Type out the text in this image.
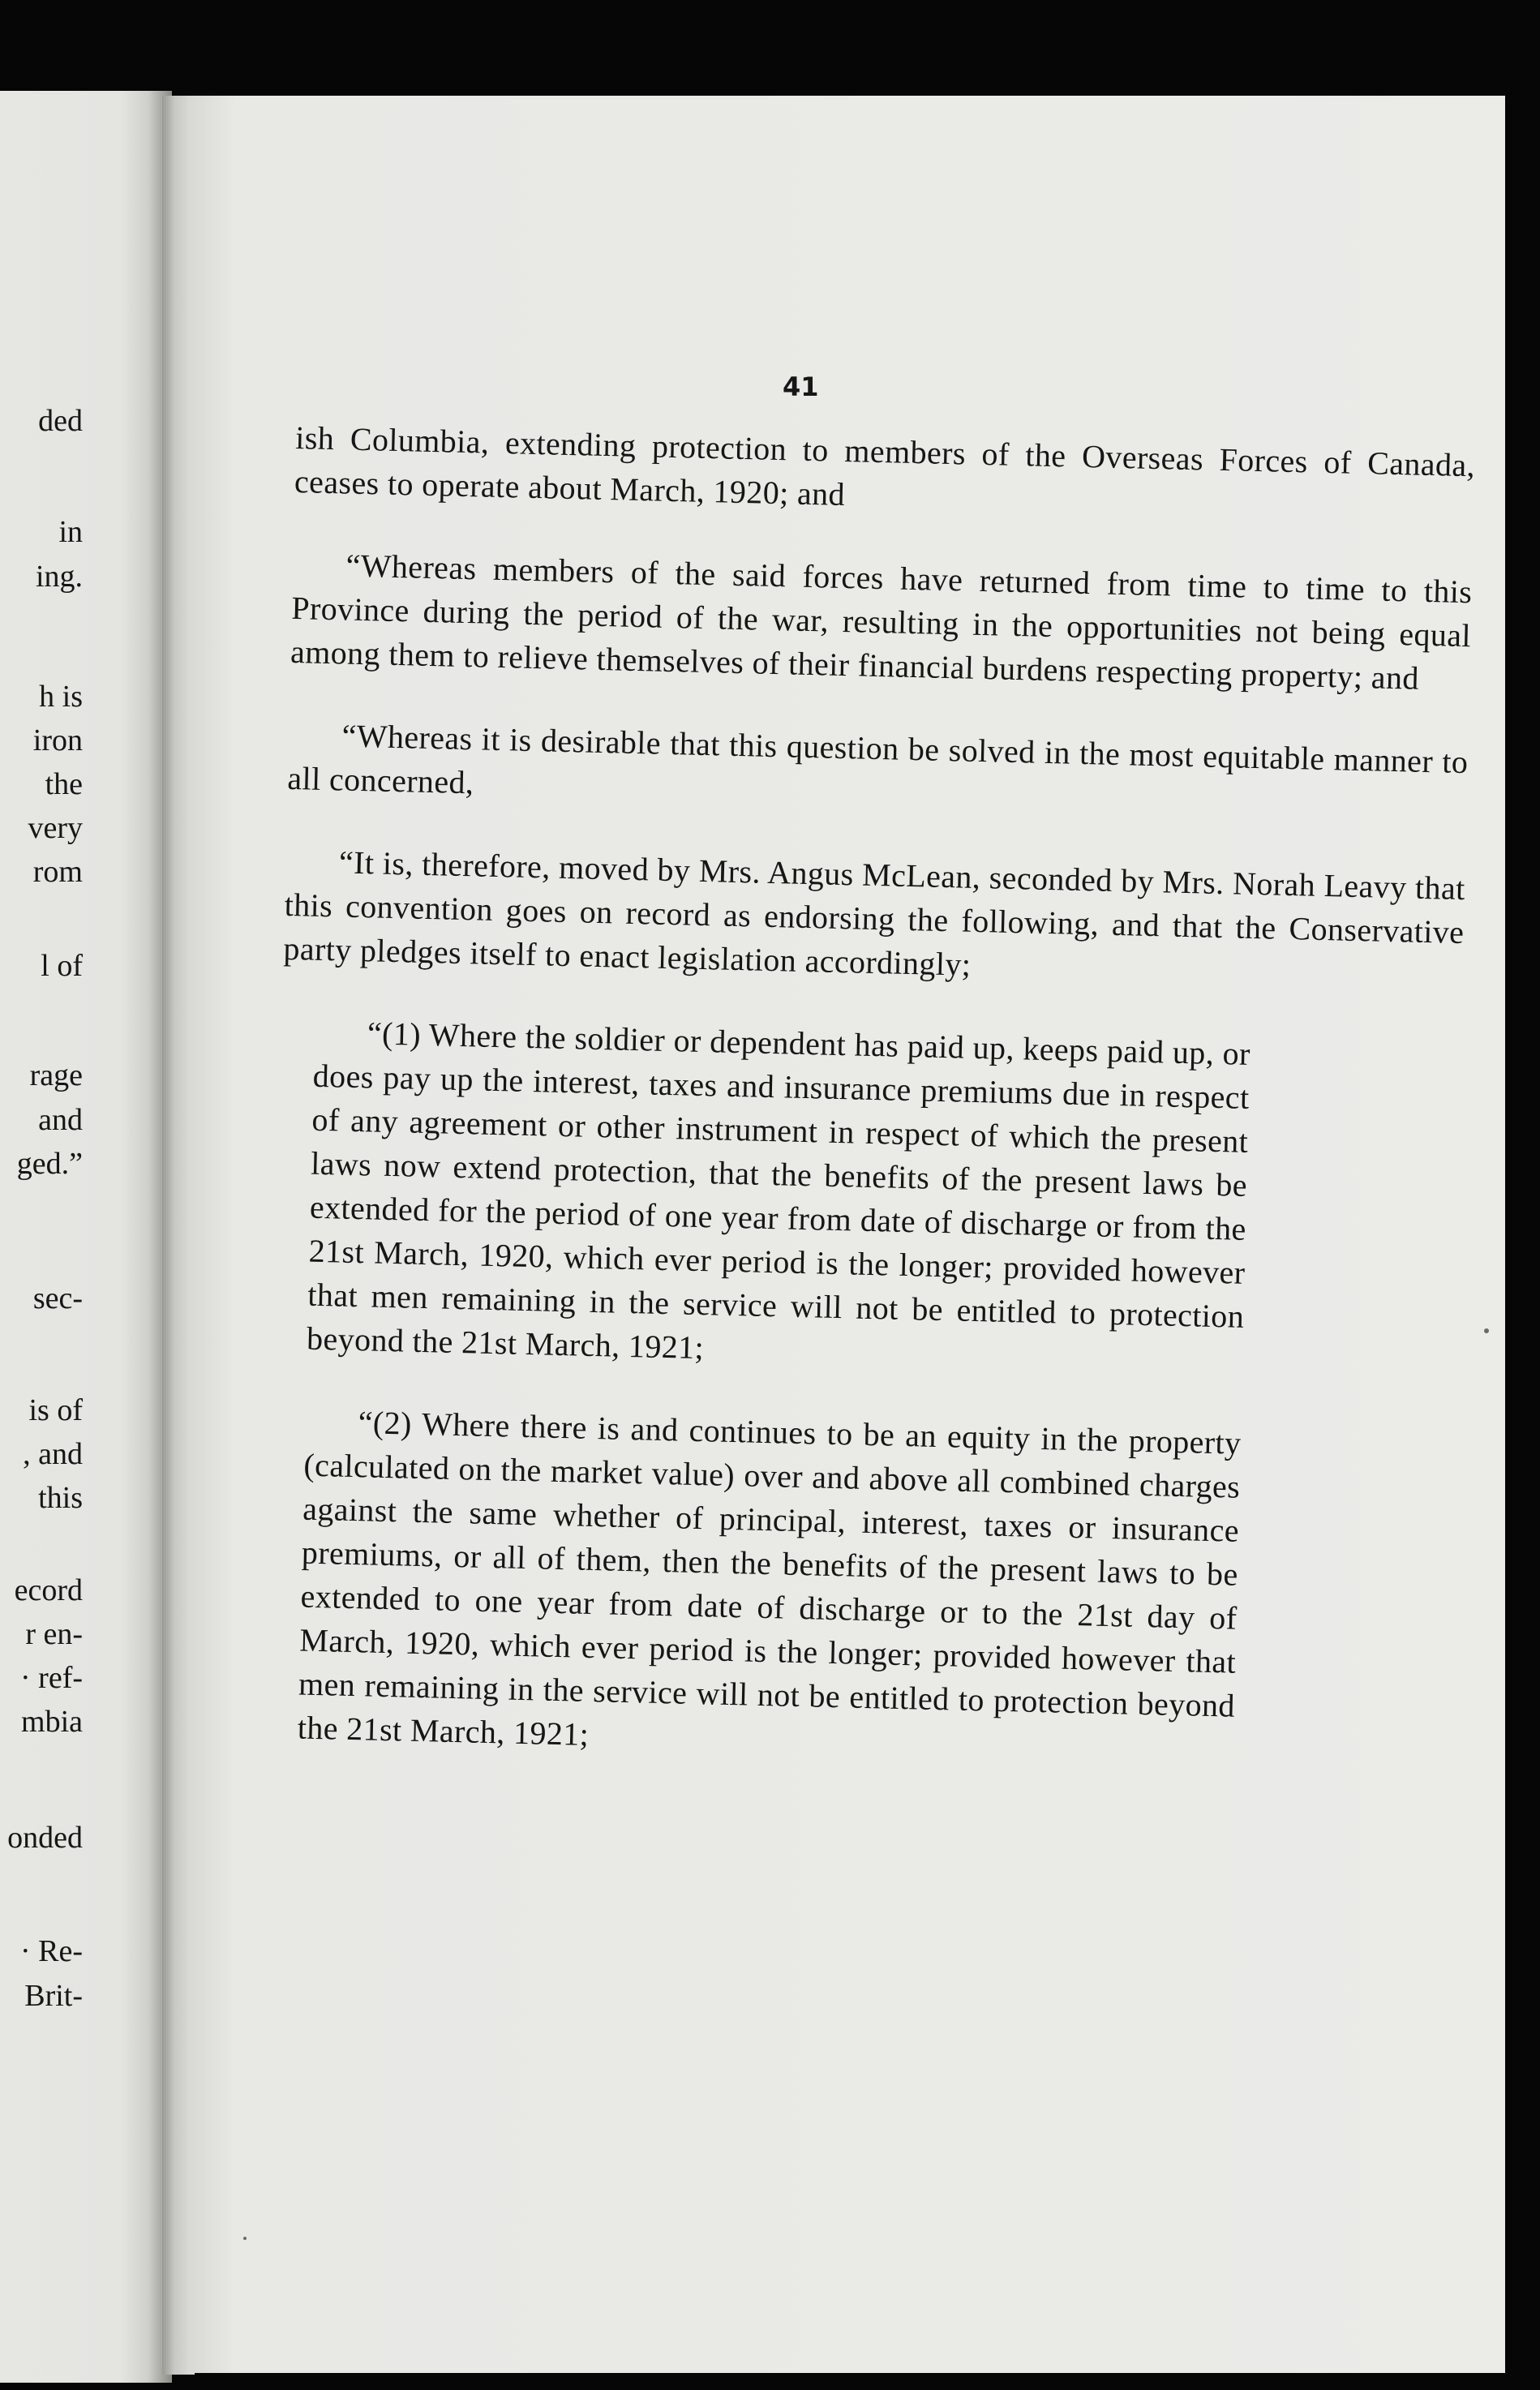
ded
in
ing.
h is
iron
the
very
rom
l of
rage
and
ged.”
sec-
is of
, and
this
ecord
r en-
· ref-
mbia
onded
· Re-
Brit-
41

ish Columbia, extending protection to members of the Overseas Forces of Canada, ceases to operate about March, 1920; and

“Whereas members of the said forces have returned from time to time to this Province during the period of the war, resulting in the opportunities not being equal among them to relieve themselves of their financial burdens respecting property; and

“Whereas it is desirable that this question be solved in the most equitable manner to all concerned,

“It is, therefore, moved by Mrs. Angus McLean, seconded by Mrs. Norah Leavy that this convention goes on record as endorsing the following, and that the Conservative party pledges itself to enact legislation accordingly;

“(1) Where the soldier or dependent has paid up, keeps paid up, or does pay up the interest, taxes and insurance premiums due in respect of any agreement or other instrument in respect of which the present laws now extend protection, that the benefits of the present laws be extended for the period of one year from date of discharge or from the 21st March, 1920, which ever period is the longer; provided however that men remaining in the service will not be entitled to protection beyond the 21st March, 1921;

“(2) Where there is and continues to be an equity in the property (calculated on the market value) over and above all combined charges against the same whether of principal, interest, taxes or insurance premiums, or all of them, then the benefits of the present laws to be extended to one year from date of discharge or to the 21st day of March, 1920, which ever period is the longer; provided however that men remaining in the service will not be entitled to protection beyond the 21st March, 1921;
